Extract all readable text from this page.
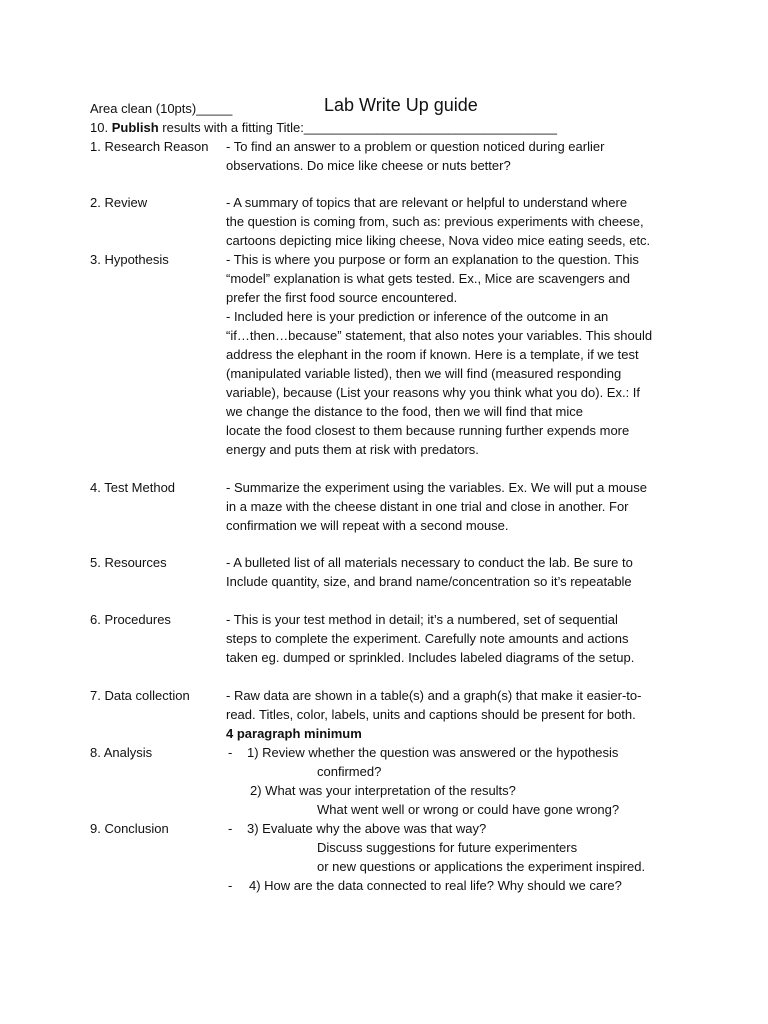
Area clean (10pts)_____	Lab Write Up guide
10. Publish results with a fitting Title:___________________________________
1. Research Reason - To find an answer to a problem or question noticed during earlier
observations. Do mice like cheese or nuts better?
2. Review	- A summary of topics that are relevant or helpful to understand where
the question is coming from, such as: previous experiments with cheese,
cartoons depicting mice liking cheese, Nova video mice eating seeds, etc.
3. Hypothesis	- This is where you purpose or form an explanation to the question. This
“model” explanation is what gets tested. Ex., Mice are scavengers and
prefer the first food source encountered.
- Included here is your prediction or inference of the outcome in an
“if…then…because” statement, that also notes your variables. This should
address the elephant in the room if known. Here is a template, if we test
(manipulated variable listed), then we will find (measured responding
variable), because (List your reasons why you think what you do). Ex.: If
we change the distance to the food, then we will find that mice
locate the food closest to them because running further expends more
energy and puts them at risk with predators.
4. Test Method	- Summarize the experiment using the variables. Ex. We will put a mouse
in a maze with the cheese distant in one trial and close in another. For
confirmation we will repeat with a second mouse.
5. Resources	- A bulleted list of all materials necessary to conduct the lab. Be sure to
Include quantity, size, and brand name/concentration so it’s repeatable
6. Procedures	- This is your test method in detail; it’s a numbered, set of sequential
steps to complete the experiment. Carefully note amounts and actions
taken eg. dumped or sprinkled. Includes labeled diagrams of the setup.
7. Data collection	- Raw data are shown in a table(s) and a graph(s) that make it easier-to-
read. Titles, color, labels, units and captions should be present for both.
4 paragraph minimum
8. Analysis	- 1) Review whether the question was answered or the hypothesis
confirmed?
2) What was your interpretation of the results?
What went well or wrong or could have gone wrong?
9. Conclusion	- 3) Evaluate why the above was that way?
Discuss suggestions for future experimenters
or new questions or applications the experiment inspired.
- 4) How are the data connected to real life? Why should we care?
